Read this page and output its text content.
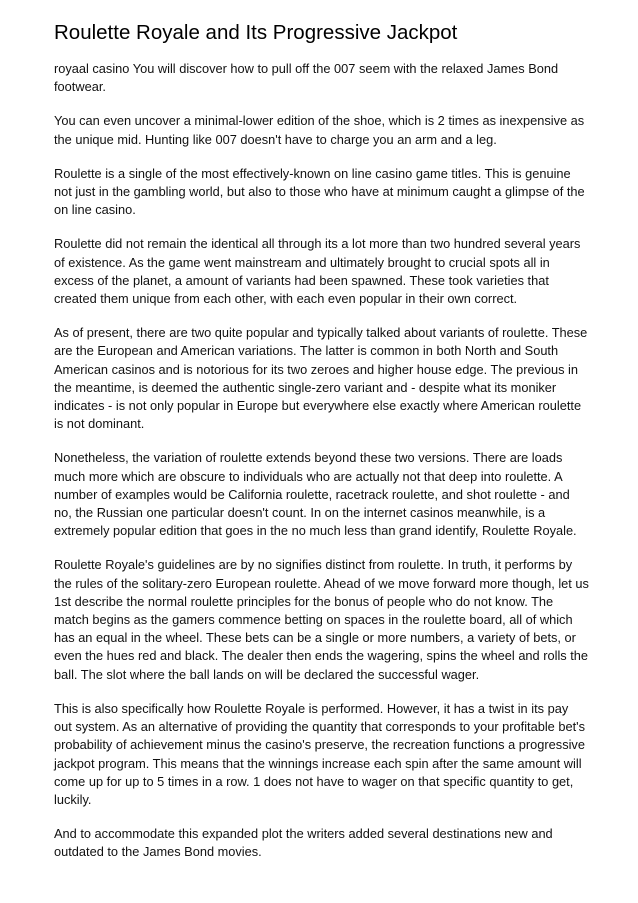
Roulette Royale and Its Progressive Jackpot

royaal casino You will discover how to pull off the 007 seem with the relaxed James Bond footwear.

You can even uncover a minimal-lower edition of the shoe, which is 2 times as inexpensive as the unique mid. Hunting like 007 doesn't have to charge you an arm and a leg.

Roulette is a single of the most effectively-known on line casino game titles. This is genuine not just in the gambling world, but also to those who have at minimum caught a glimpse of the on line casino.

Roulette did not remain the identical all through its a lot more than two hundred several years of existence. As the game went mainstream and ultimately brought to crucial spots all in excess of the planet, a amount of variants had been spawned. These took varieties that created them unique from each other, with each even popular in their own correct.

As of present, there are two quite popular and typically talked about variants of roulette. These are the European and American variations. The latter is common in both North and South American casinos and is notorious for its two zeroes and higher house edge. The previous in the meantime, is deemed the authentic single-zero variant and - despite what its moniker indicates - is not only popular in Europe but everywhere else exactly where American roulette is not dominant.

Nonetheless, the variation of roulette extends beyond these two versions. There are loads much more which are obscure to individuals who are actually not that deep into roulette. A number of examples would be California roulette, racetrack roulette, and shot roulette - and no, the Russian one particular doesn't count. In on the internet casinos meanwhile, is a extremely popular edition that goes in the no much less than grand identify, Roulette Royale.

Roulette Royale's guidelines are by no signifies distinct from roulette. In truth, it performs by the rules of the solitary-zero European roulette. Ahead of we move forward more though, let us 1st describe the normal roulette principles for the bonus of people who do not know. The match begins as the gamers commence betting on spaces in the roulette board, all of which has an equal in the wheel. These bets can be a single or more numbers, a variety of bets, or even the hues red and black. The dealer then ends the wagering, spins the wheel and rolls the ball. The slot where the ball lands on will be declared the successful wager.

This is also specifically how Roulette Royale is performed. However, it has a twist in its pay out system. As an alternative of providing the quantity that corresponds to your profitable bet's probability of achievement minus the casino's preserve, the recreation functions a progressive jackpot program. This means that the winnings increase each spin after the same amount will come up for up to 5 times in a row. 1 does not have to wager on that specific quantity to get, luckily.

And to accommodate this expanded plot the writers added several destinations new and outdated to the James Bond movies.
